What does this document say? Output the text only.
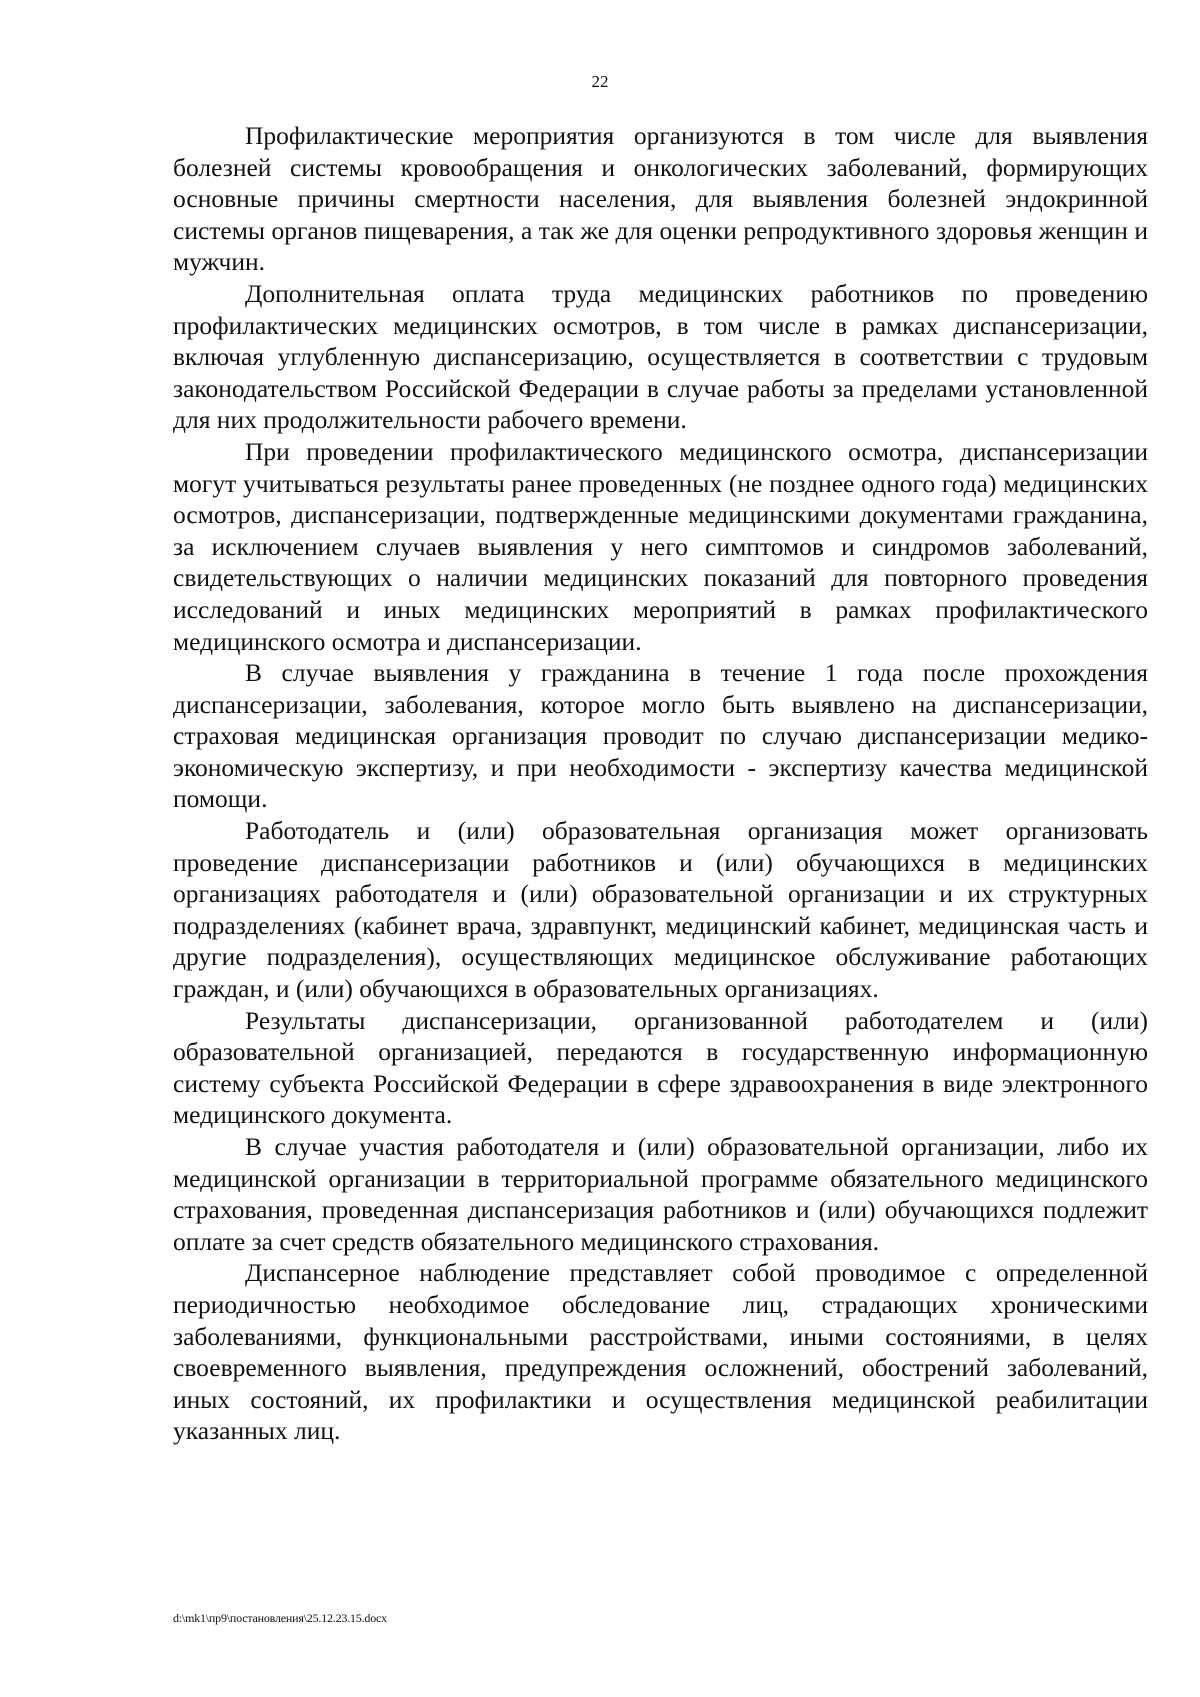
22

Профилактические мероприятия организуются в том числе для выявления болезней системы кровообращения и онкологических заболеваний, формирующих основные причины смертности населения, для выявления болезней эндокринной системы органов пищеварения, а так же для оценки репродуктивного здоровья женщин и мужчин.

Дополнительная оплата труда медицинских работников по проведению профилактических медицинских осмотров, в том числе в рамках диспансеризации, включая углубленную диспансеризацию, осуществляется в соответствии с трудовым законодательством Российской Федерации в случае работы за пределами установленной для них продолжительности рабочего времени.

При проведении профилактического медицинского осмотра, диспансеризации могут учитываться результаты ранее проведенных (не позднее одного года) медицинских осмотров, диспансеризации, подтвержденные медицинскими документами гражданина, за исключением случаев выявления у него симптомов и синдромов заболеваний, свидетельствующих о наличии медицинских показаний для повторного проведения исследований и иных медицинских мероприятий в рамках профилактического медицинского осмотра и диспансеризации.

В случае выявления у гражданина в течение 1 года после прохождения диспансеризации, заболевания, которое могло быть выявлено на диспансеризации, страховая медицинская организация проводит по случаю диспансеризации медико-экономическую экспертизу, и при необходимости - экспертизу качества медицинской помощи.

Работодатель и (или) образовательная организация может организовать проведение диспансеризации работников и (или) обучающихся в медицинских организациях работодателя и (или) образовательной организации и их структурных подразделениях (кабинет врача, здравпункт, медицинский кабинет, медицинская часть и другие подразделения), осуществляющих медицинское обслуживание работающих граждан, и (или) обучающихся в образовательных организациях.

Результаты диспансеризации, организованной работодателем и (или) образовательной организацией, передаются в государственную информационную систему субъекта Российской Федерации в сфере здравоохранения в виде электронного медицинского документа.

В случае участия работодателя и (или) образовательной организации, либо их медицинской организации в территориальной программе обязательного медицинского страхования, проведенная диспансеризация работников и (или) обучающихся подлежит оплате за счет средств обязательного медицинского страхования.

Диспансерное наблюдение представляет собой проводимое с определенной периодичностью необходимое обследование лиц, страдающих хроническими заболеваниями, функциональными расстройствами, иными состояниями, в целях своевременного выявления, предупреждения осложнений, обострений заболеваний, иных состояний, их профилактики и осуществления медицинской реабилитации указанных лиц.

d:\mk1\пр9\постановления\25.12.23.15.docx
